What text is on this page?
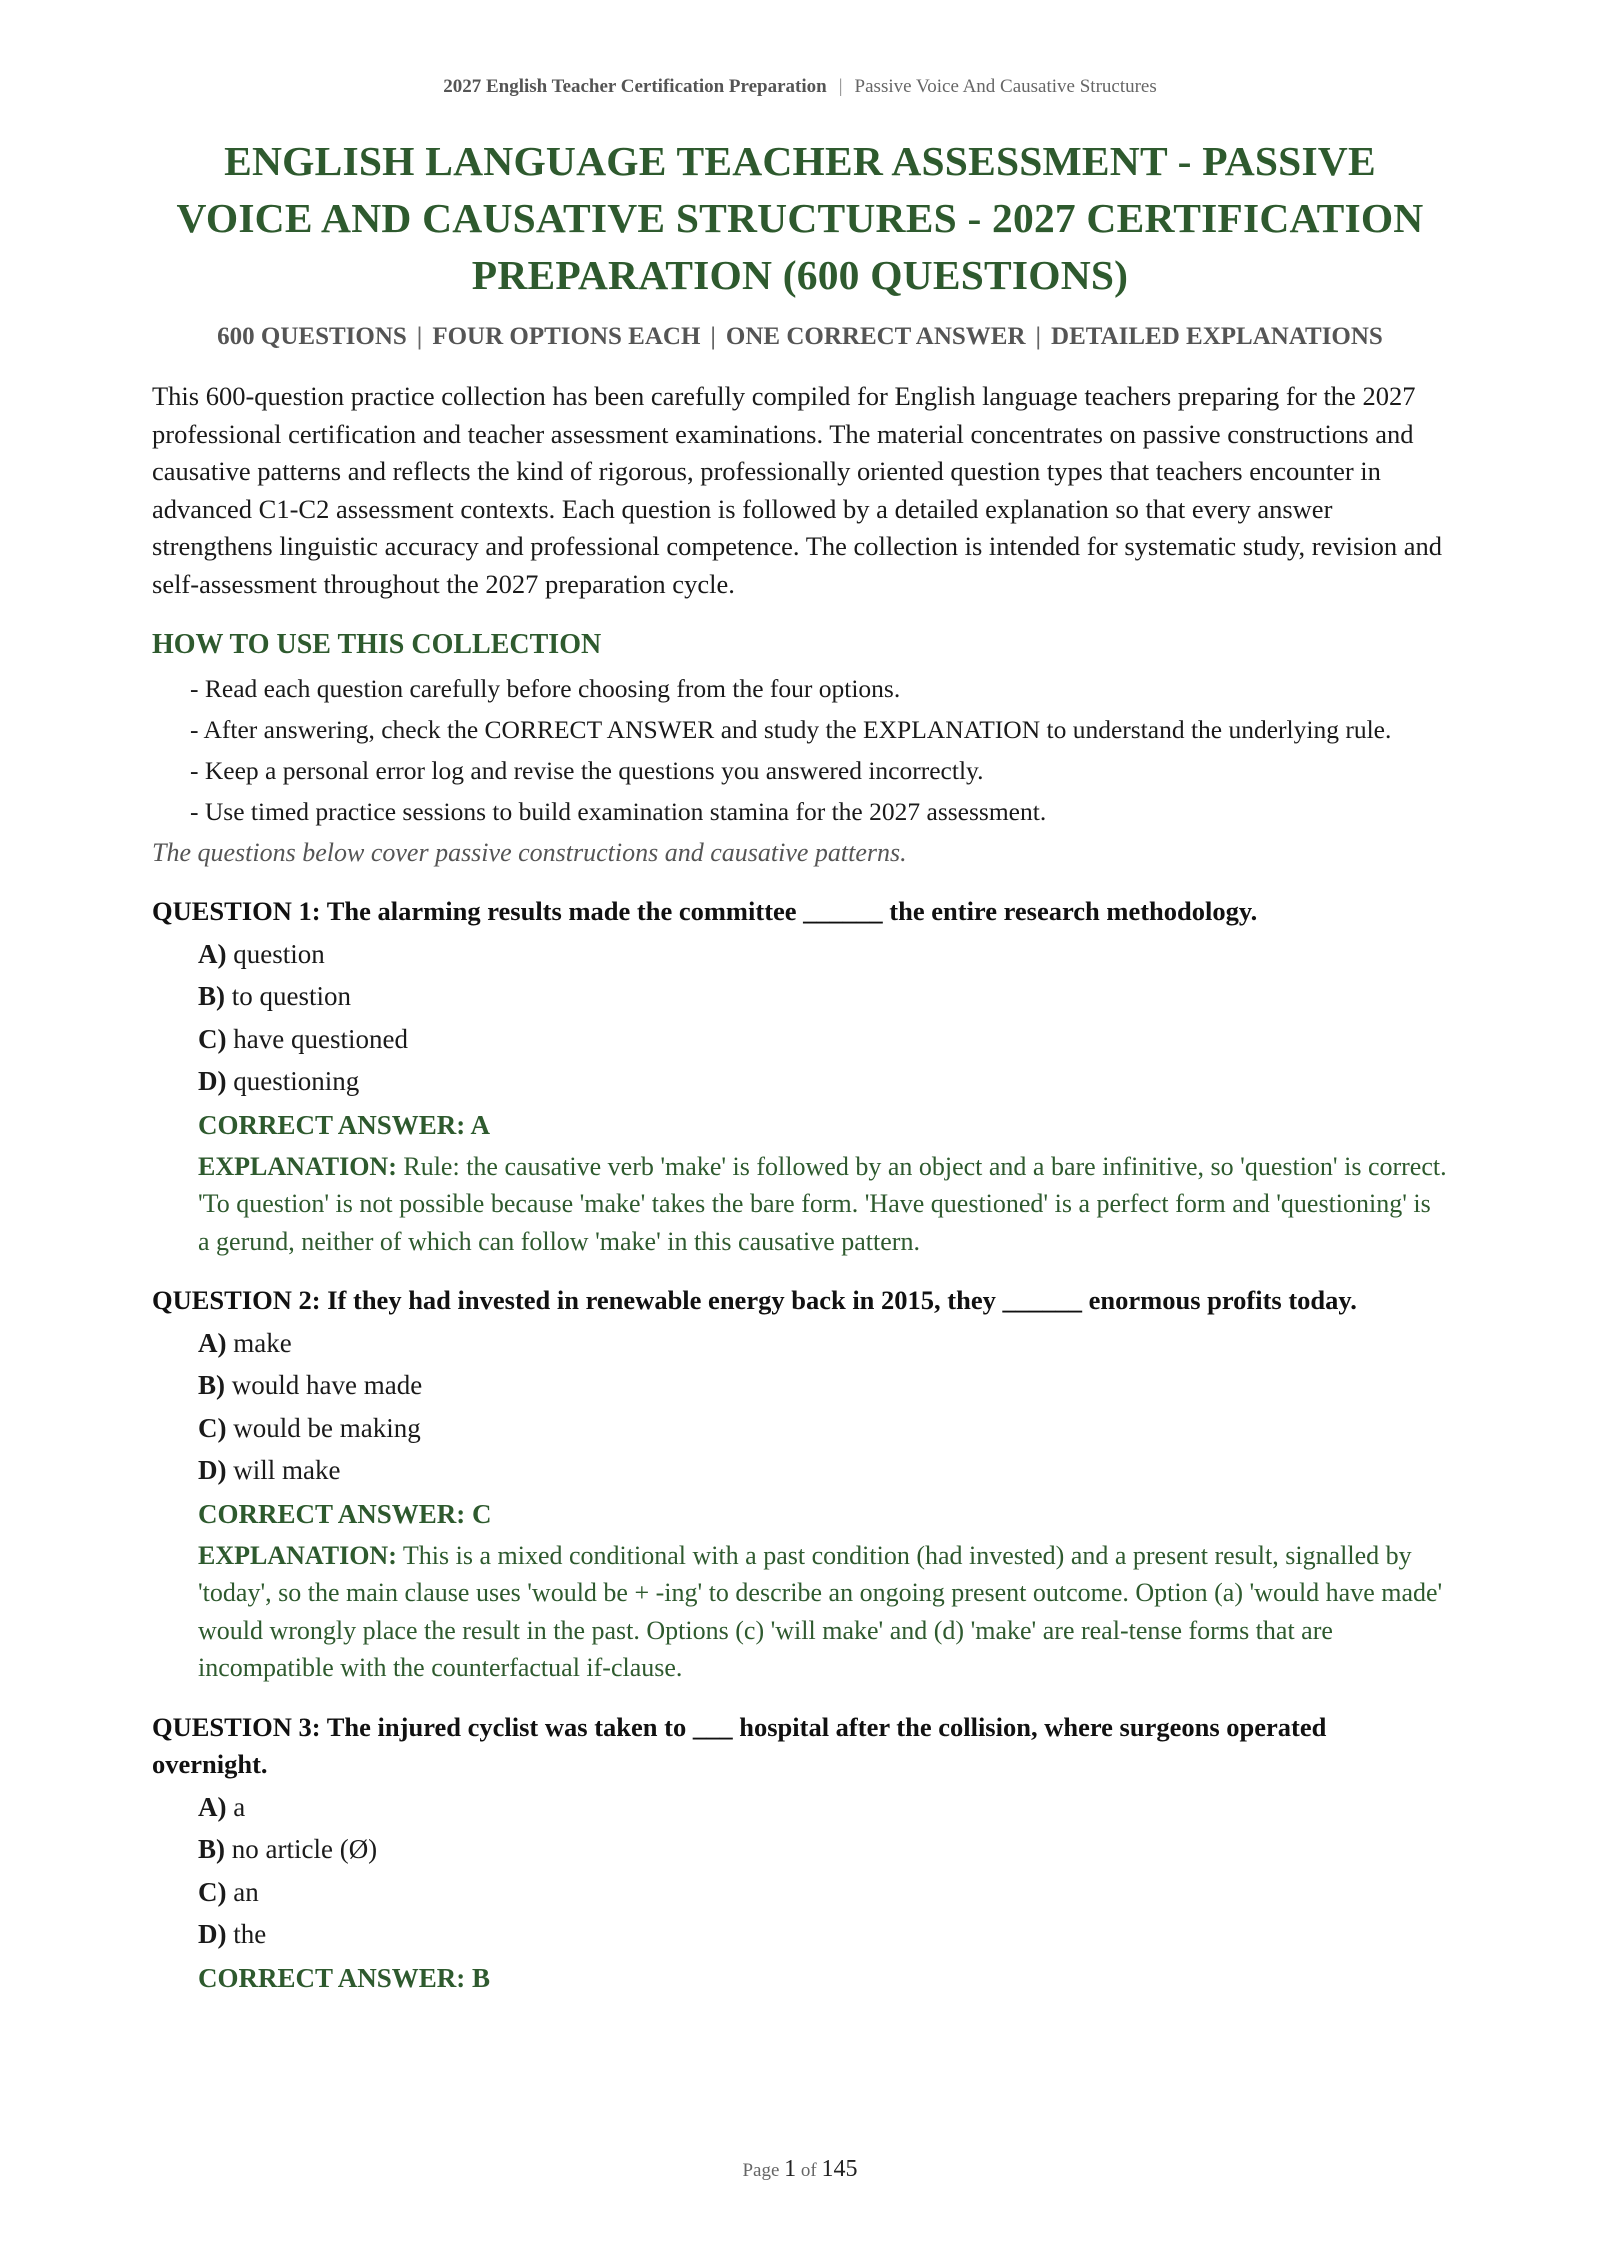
2027 English Teacher Certification Preparation | Passive Voice And Causative Structures
ENGLISH LANGUAGE TEACHER ASSESSMENT - PASSIVE VOICE AND CAUSATIVE STRUCTURES - 2027 CERTIFICATION PREPARATION (600 QUESTIONS)
600 QUESTIONS | FOUR OPTIONS EACH | ONE CORRECT ANSWER | DETAILED EXPLANATIONS

This 600-question practice collection has been carefully compiled for English language teachers preparing for the 2027 professional certification and teacher assessment examinations. The material concentrates on passive constructions and causative patterns and reflects the kind of rigorous, professionally oriented question types that teachers encounter in advanced C1-C2 assessment contexts. Each question is followed by a detailed explanation so that every answer strengthens linguistic accuracy and professional competence. The collection is intended for systematic study, revision and self-assessment throughout the 2027 preparation cycle.

HOW TO USE THIS COLLECTION
- Read each question carefully before choosing from the four options.
- After answering, check the CORRECT ANSWER and study the EXPLANATION to understand the underlying rule.
- Keep a personal error log and revise the questions you answered incorrectly.
- Use timed practice sessions to build examination stamina for the 2027 assessment.

The questions below cover passive constructions and causative patterns.

QUESTION 1: The alarming results made the committee ______ the entire research methodology.
A) question
B) to question
C) have questioned
D) questioning
CORRECT ANSWER: A
EXPLANATION: Rule: the causative verb 'make' is followed by an object and a bare infinitive, so 'question' is correct. 'To question' is not possible because 'make' takes the bare form. 'Have questioned' is a perfect form and 'questioning' is a gerund, neither of which can follow 'make' in this causative pattern.
QUESTION 2: If they had invested in renewable energy back in 2015, they ______ enormous profits today.
A) make
B) would have made
C) would be making
D) will make
CORRECT ANSWER: C
EXPLANATION: This is a mixed conditional with a past condition (had invested) and a present result, signalled by 'today', so the main clause uses 'would be + -ing' to describe an ongoing present outcome. Option (a) 'would have made' would wrongly place the result in the past. Options (c) 'will make' and (d) 'make' are real-tense forms that are incompatible with the counterfactual if-clause.
QUESTION 3: The injured cyclist was taken to ___ hospital after the collision, where surgeons operated overnight.
A) a
B) no article (Ø)
C) an
D) the
CORRECT ANSWER: B
Page 1 of 145
